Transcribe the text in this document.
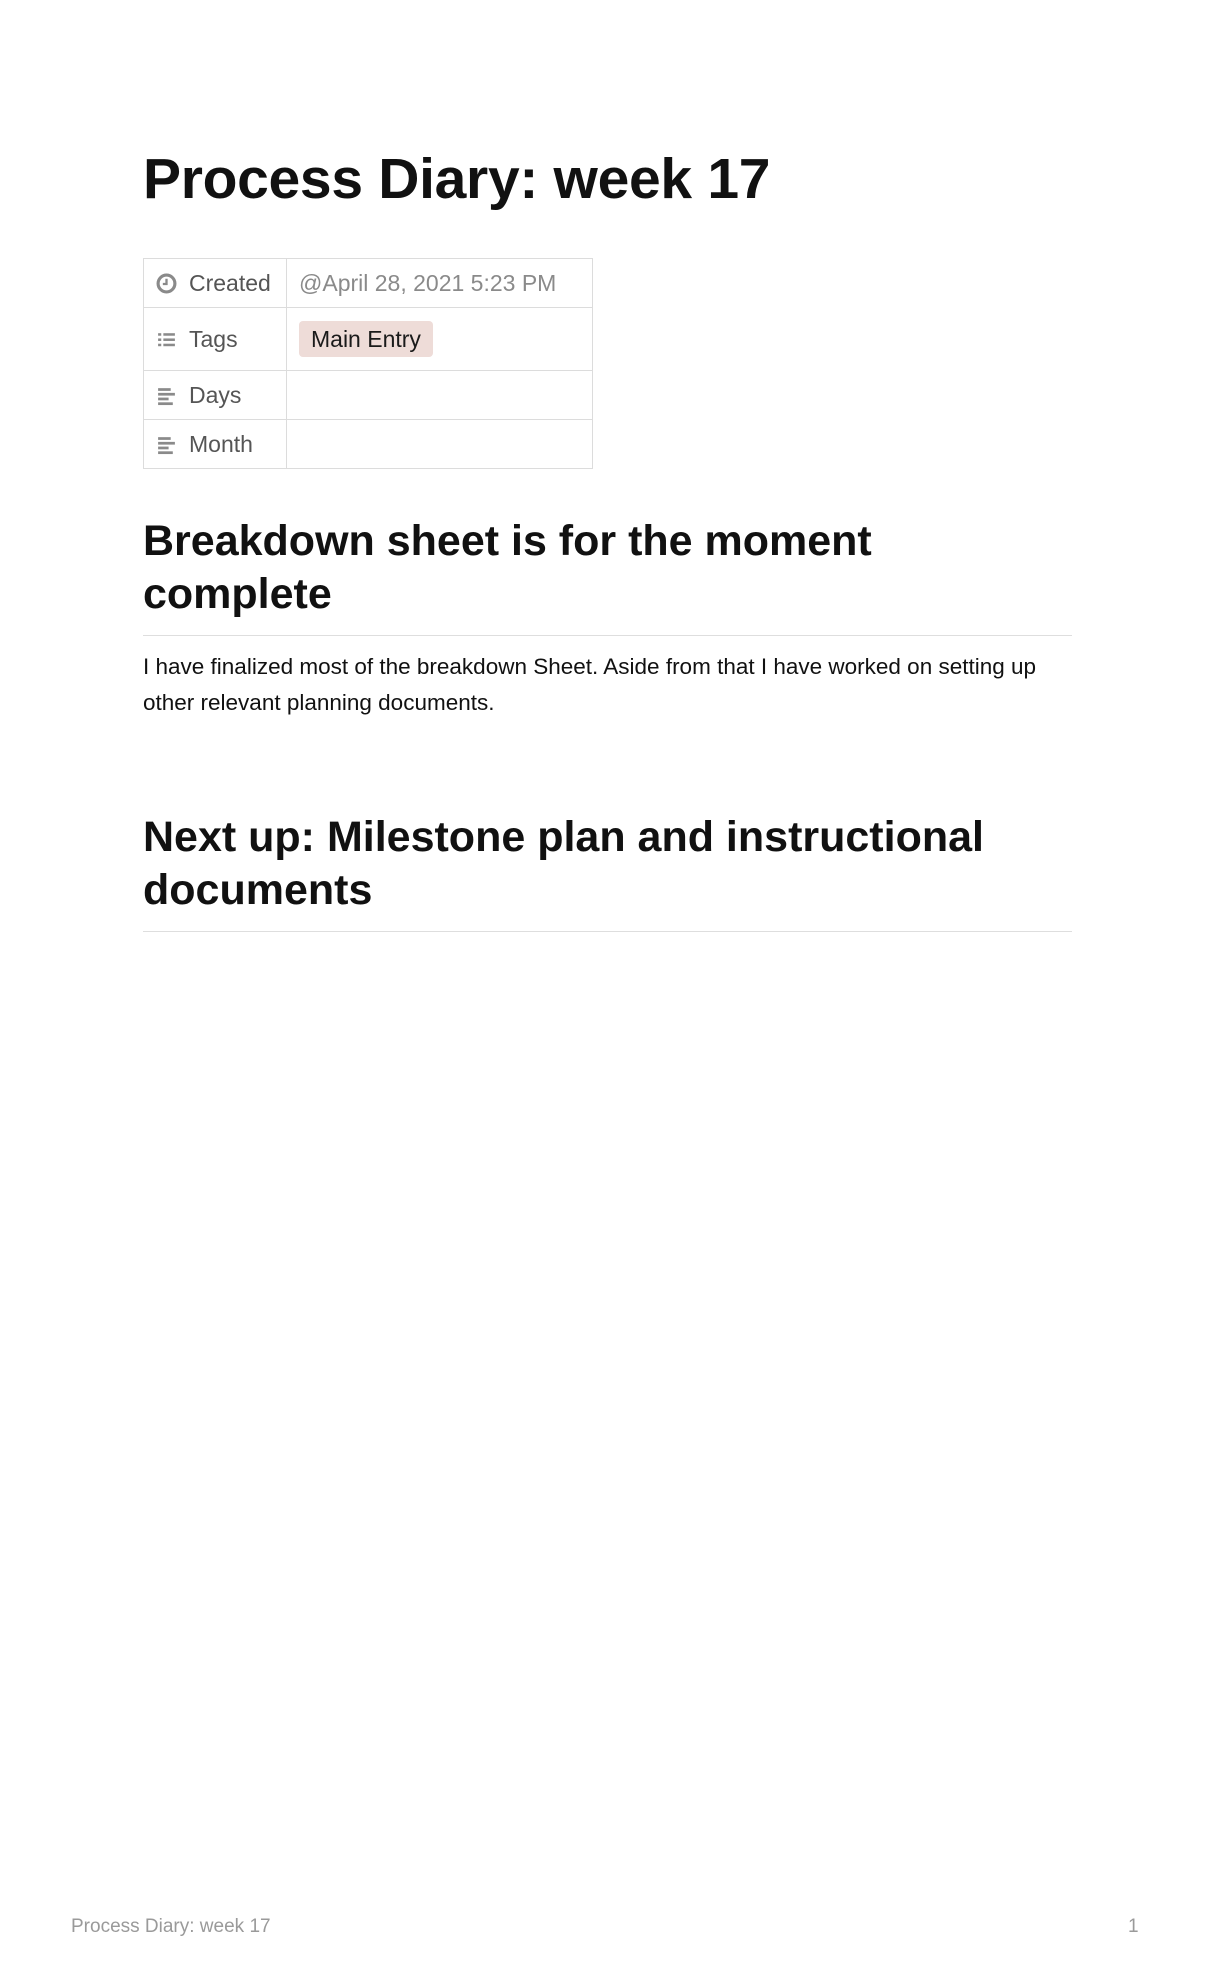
Process Diary: week 17
Created	@April 28, 2021 5:23 PM

Tags	Main Entry

Days	

Month	

Breakdown sheet is for the moment complete

I have finalized most of the breakdown Sheet. Aside from that I have worked on setting up other relevant planning documents.

Next up: Milestone plan and instructional documents
Process Diary: week 17	1
